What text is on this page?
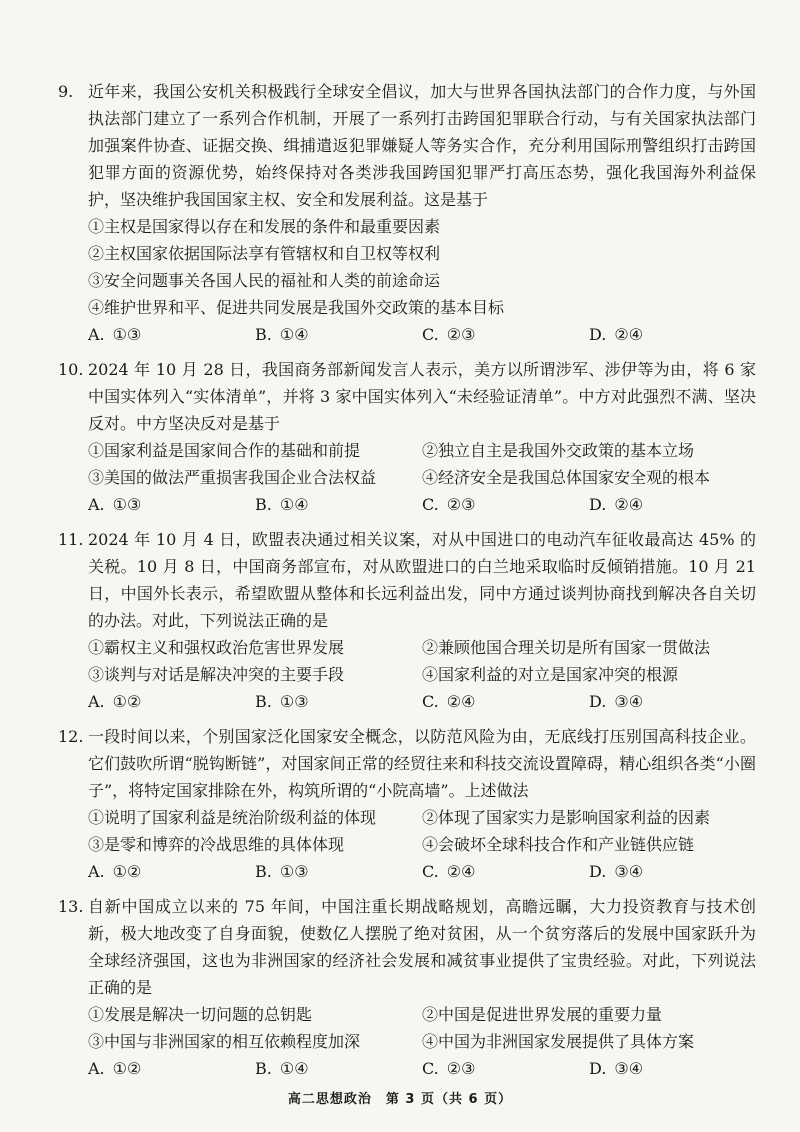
9. 近年来，我国公安机关积极践行全球安全倡议，加大与世界各国执法部门的合作力度，与外国执法部门建立了一系列合作机制，开展了一系列打击跨国犯罪联合行动，与有关国家执法部门加强案件协查、证据交换、缉捕遣返犯罪嫌疑人等务实合作，充分利用国际刑警组织打击跨国犯罪方面的资源优势，始终保持对各类涉我国跨国犯罪严打高压态势，强化我国海外利益保护，坚决维护我国国家主权、安全和发展利益。这是基于
①主权是国家得以存在和发展的条件和最重要因素
②主权国家依据国际法享有管辖权和自卫权等权利
③安全问题事关各国人民的福祉和人类的前途命运
④维护世界和平、促进共同发展是我国外交政策的基本目标
A. ①③	B. ①④	C. ②③	D. ②④
10. 2024 年 10 月 28 日，我国商务部新闻发言人表示，美方以所谓涉军、涉伊等为由，将 6 家中国实体列入“实体清单”，并将 3 家中国实体列入“未经验证清单”。中方对此强烈不满、坚决反对。中方坚决反对是基于
①国家利益是国家间合作的基础和前提	②独立自主是我国外交政策的基本立场
③美国的做法严重损害我国企业合法权益	④经济安全是我国总体国家安全观的根本
A. ①③	B. ①④	C. ②③	D. ②④
11. 2024 年 10 月 4 日，欧盟表决通过相关议案，对从中国进口的电动汽车征收最高达 45% 的关税。10 月 8 日，中国商务部宣布，对从欧盟进口的白兰地采取临时反倾销措施。10 月 21 日，中国外长表示，希望欧盟从整体和长远利益出发，同中方通过谈判协商找到解决各自关切的办法。对此，下列说法正确的是
①霸权主义和强权政治危害世界发展	②兼顾他国合理关切是所有国家一贯做法
③谈判与对话是解决冲突的主要手段	④国家利益的对立是国家冲突的根源
A. ①②	B. ①③	C. ②④	D. ③④
12. 一段时间以来，个别国家泛化国家安全概念，以防范风险为由，无底线打压别国高科技企业。它们鼓吹所谓“脱钩断链”，对国家间正常的经贸往来和科技交流设置障碍，精心组织各类“小圈子”，将特定国家排除在外，构筑所谓的“小院高墙”。上述做法
①说明了国家利益是统治阶级利益的体现	②体现了国家实力是影响国家利益的因素
③是零和博弈的冷战思维的具体体现	④会破坏全球科技合作和产业链供应链
A. ①②	B. ①③	C. ②④	D. ③④
13. 自新中国成立以来的 75 年间，中国注重长期战略规划，高瞻远瞩，大力投资教育与技术创新，极大地改变了自身面貌，使数亿人摆脱了绝对贫困，从一个贫穷落后的发展中国家跃升为全球经济强国，这也为非洲国家的经济社会发展和减贫事业提供了宝贵经验。对此，下列说法正确的是
①发展是解决一切问题的总钥匙	②中国是促进世界发展的重要力量
③中国与非洲国家的相互依赖程度加深	④中国为非洲国家发展提供了具体方案
A. ①②	B. ①④	C. ②③	D. ③④
高二思想政治　第 3 页（共 6 页）
